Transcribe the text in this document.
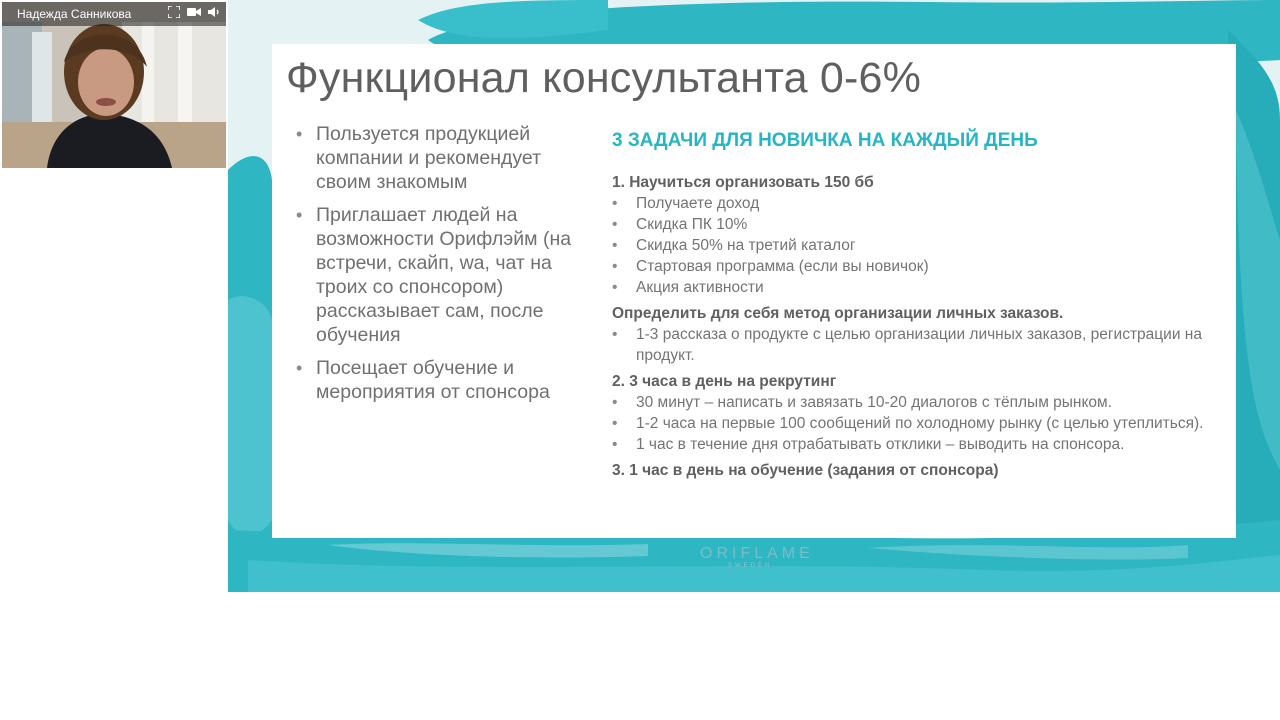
Функционал консультанта 0-6%
• Пользуется продукцией компании и рекомендует своим знакомым
• Приглашает людей на возможности Орифлэйм (на встречи, скайп, wa, чат на троих со спонсором) рассказывает сам, после обучения
• Посещает обучение и мероприятия от спонсора
3 ЗАДАЧИ ДЛЯ НОВИЧКА НА КАЖДЫЙ ДЕНЬ
1. Научиться организовать 150 бб
• Получаете доход
• Скидка ПК 10%
• Скидка 50% на третий каталог
• Стартовая программа (если вы новичок)
• Акция активности
Определить для себя метод организации личных заказов.
• 1-3 рассказа о продукте с целью организации личных заказов, регистрации на продукт.
2. 3 часа в день на рекрутинг
• 30 минут – написать и завязать 10-20 диалогов с тёплым рынком.
• 1-2 часа на первые 100 сообщений по холодному рынку (с целью утеплиться).
• 1 час в течение дня отрабатывать отклики – выводить на спонсора.
3. 1 час в день на обучение (задания от спонсора)
ORIFLAME
SWEDEN
Надежда Санникова
